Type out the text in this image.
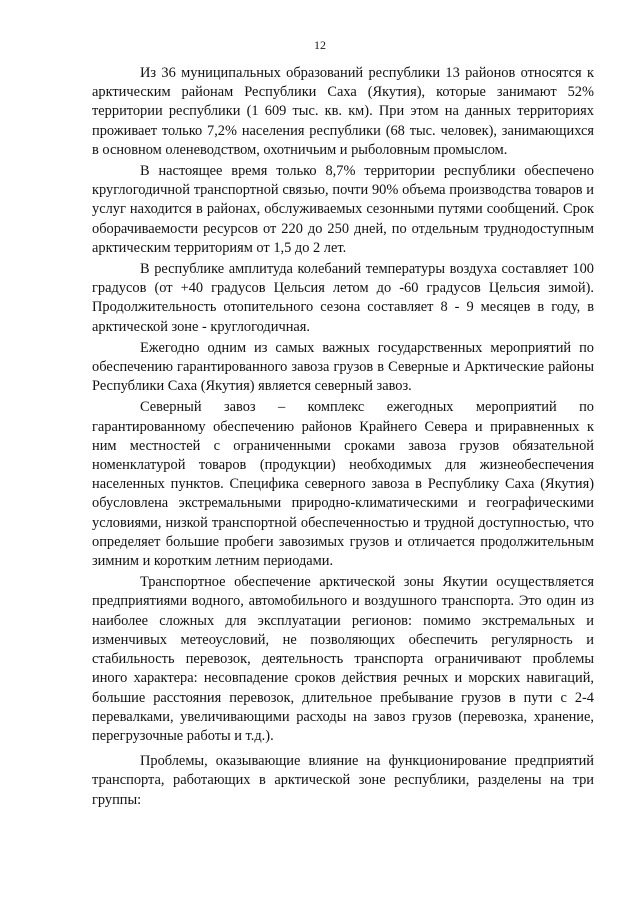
12

Из 36 муниципальных образований республики 13 районов относятся к арктическим районам Республики Саха (Якутия), которые занимают 52% территории республики (1 609 тыс. кв. км). При этом на данных территориях проживает только 7,2% населения республики (68 тыс. человек), занимающихся в основном оленеводством, охотничьим и рыболовным промыслом.

В настоящее время только 8,7% территории республики обеспечено круглогодичной транспортной связью, почти 90% объема производства товаров и услуг находится в районах, обслуживаемых сезонными путями сообщений. Срок оборачиваемости ресурсов от 220 до 250 дней, по отдельным труднодоступным арктическим территориям от 1,5 до 2 лет.

В республике амплитуда колебаний температуры воздуха составляет 100 градусов (от +40 градусов Цельсия летом до -60 градусов Цельсия зимой). Продолжительность отопительного сезона составляет 8 - 9 месяцев в году, в арктической зоне - круглогодичная.

Ежегодно одним из самых важных государственных мероприятий по обеспечению гарантированного завоза грузов в Северные и Арктические районы Республики Саха (Якутия) является северный завоз.

Северный завоз – комплекс ежегодных мероприятий по гарантированному обеспечению районов Крайнего Севера и приравненных к ним местностей с ограниченными сроками завоза грузов обязательной номенклатурой товаров (продукции) необходимых для жизнеобеспечения населенных пунктов. Специфика северного завоза в Республику Саха (Якутия) обусловлена экстремальными природно-климатическими и географическими условиями, низкой транспортной обеспеченностью и трудной доступностью, что определяет большие пробеги завозимых грузов и отличается продолжительным зимним и коротким летним периодами.

Транспортное обеспечение арктической зоны Якутии осуществляется предприятиями водного, автомобильного и воздушного транспорта. Это один из наиболее сложных для эксплуатации регионов: помимо экстремальных и изменчивых метеоусловий, не позволяющих обеспечить регулярность и стабильность перевозок, деятельность транспорта ограничивают проблемы иного характера: несовпадение сроков действия речных и морских навигаций, большие расстояния перевозок, длительное пребывание грузов в пути с 2-4 перевалками, увеличивающими расходы на завоз грузов (перевозка, хранение, перегрузочные работы и т.д.).

Проблемы, оказывающие влияние на функционирование предприятий транспорта, работающих в арктической зоне республики, разделены на три группы:
